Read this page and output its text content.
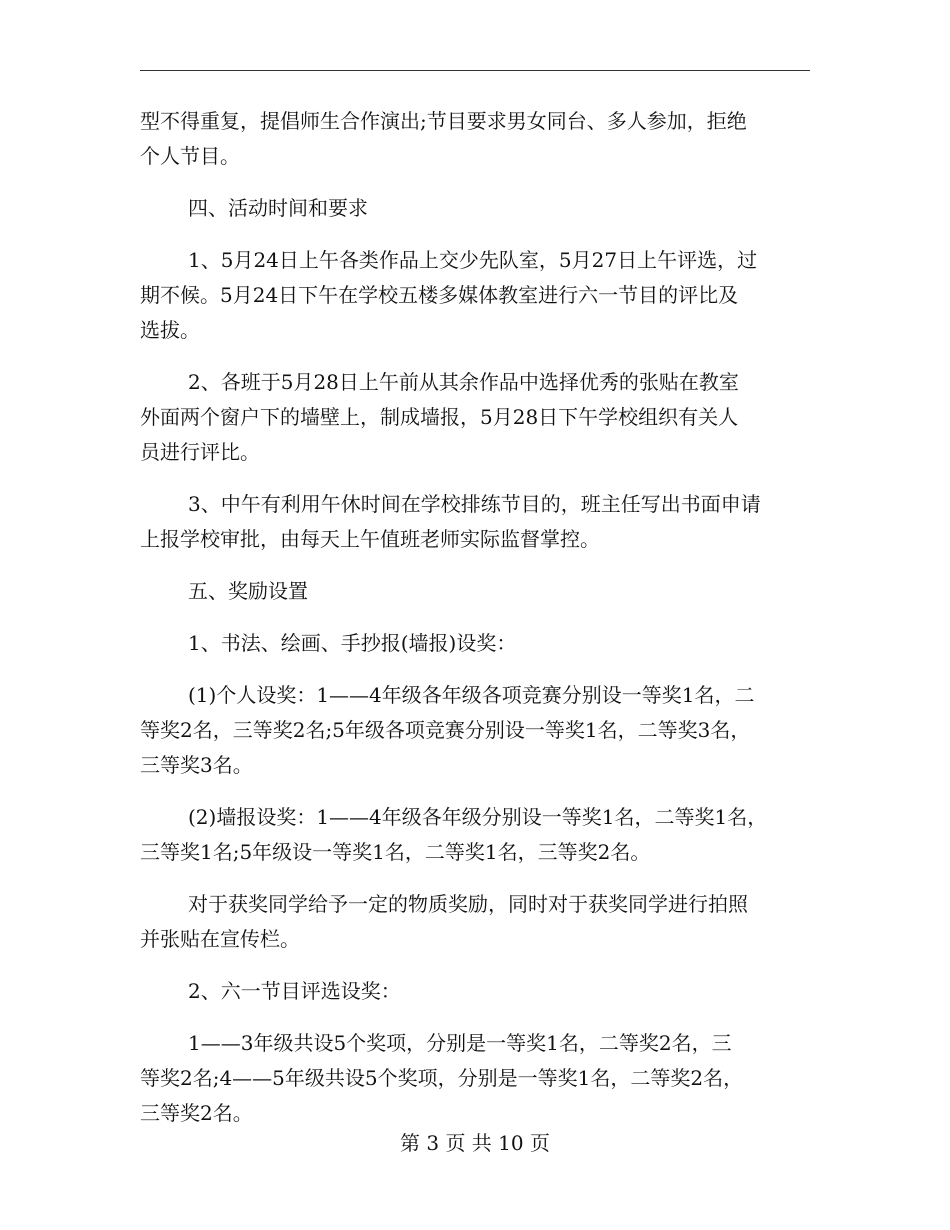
型不得重复，提倡师生合作演出;节目要求男女同台、多人参加，拒绝
个人节目。

四、活动时间和要求

1、5月24日上午各类作品上交少先队室，5月27日上午评选，过
期不候。5月24日下午在学校五楼多媒体教室进行六一节目的评比及
选拔。

2、各班于5月28日上午前从其余作品中选择优秀的张贴在教室
外面两个窗户下的墙壁上，制成墙报，5月28日下午学校组织有关人
员进行评比。

3、中午有利用午休时间在学校排练节目的，班主任写出书面申请
上报学校审批，由每天上午值班老师实际监督掌控。

五、奖励设置

1、书法、绘画、手抄报(墙报)设奖：

(1)个人设奖：1——4年级各年级各项竞赛分别设一等奖1名，二
等奖2名，三等奖2名;5年级各项竞赛分别设一等奖1名，二等奖3名，
三等奖3名。

(2)墙报设奖：1——4年级各年级分别设一等奖1名，二等奖1名，
三等奖1名;5年级设一等奖1名，二等奖1名，三等奖2名。

对于获奖同学给予一定的物质奖励，同时对于获奖同学进行拍照
并张贴在宣传栏。

2、六一节目评选设奖：

1——3年级共设5个奖项，分别是一等奖1名，二等奖2名，三
等奖2名;4——5年级共设5个奖项，分别是一等奖1名，二等奖2名，
三等奖2名。

第 3 页 共 10 页
